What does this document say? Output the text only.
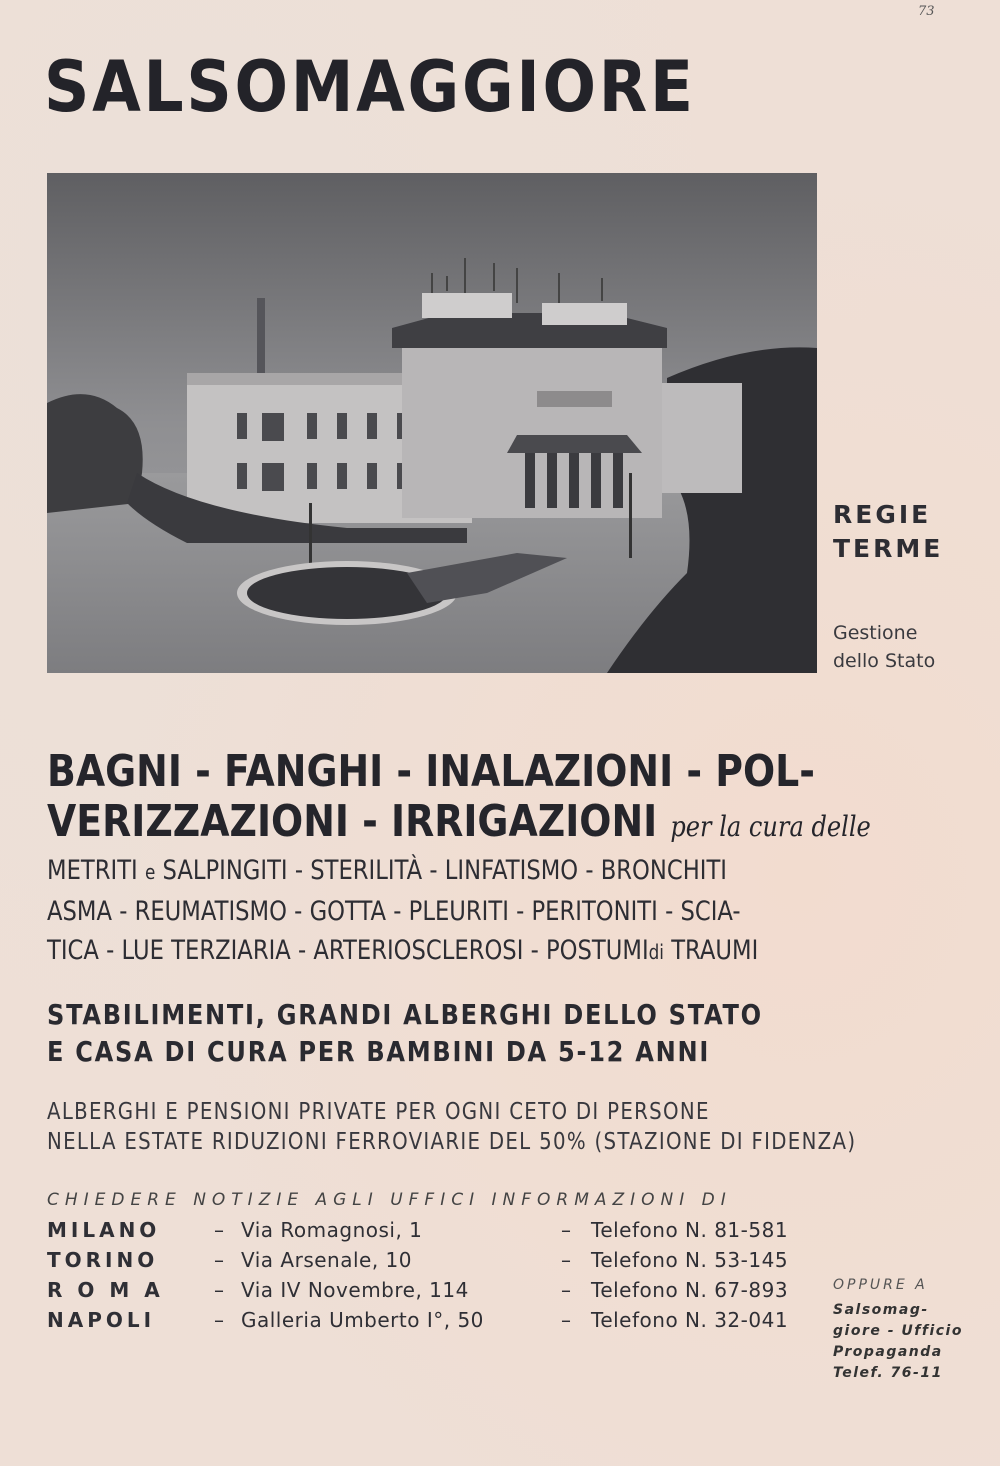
73
SALSOMAGGIORE
REGIE
TERME
Gestione
dello Stato
BAGNI - FANGHI - INALAZIONI - POL-
VERIZZAZIONI - IRRIGAZIONI per la cura delle
METRITI e SALPINGITI - STERILITÀ - LINFATISMO - BRONCHITI
ASMA - REUMATISMO - GOTTA - PLEURITI - PERITONITI - SCIA-
TICA - LUE TERZIARIA - ARTERIOSCLEROSI - POSTUMIdi TRAUMI
STABILIMENTI, GRANDI ALBERGHI DELLO STATO
E CASA DI CURA PER BAMBINI DA 5-12 ANNI
ALBERGHI E PENSIONI PRIVATE PER OGNI CETO DI PERSONE
NELLA ESTATE RIDUZIONI FERROVIARIE DEL 50% (STAZIONE DI FIDENZA)
CHIEDERE NOTIZIE AGLI UFFICI INFORMAZIONI DI
MILANO	– Via Romagnosi, 1	–	Telefono N. 81-581
TORINO	– Via Arsenale, 10	–	Telefono N. 53-145
R O M A	– Via IV Novembre, 114	–	Telefono N. 67-893
NAPOLI	– Galleria Umberto I°, 50	–	Telefono N. 32-041
OPPURE A
Salsomag-
giore - Ufficio
Propaganda
Telef. 76-11
